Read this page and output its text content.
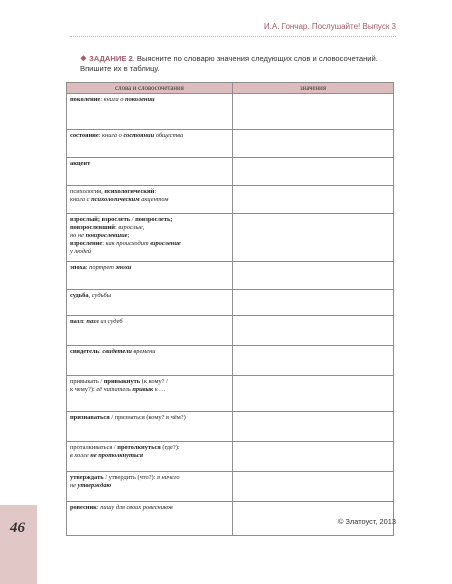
И.А. Гончар. Послушайте! Выпуск 3
❖ ЗАДАНИЕ 2. Выясните по словарю значения следующих слов и словосочетаний. Впишите их в таблицу.
слова и словосочетания	значения

поколение: книга о поколении	

состояние: книга о состоянии общества	

акцент	

психология, психологический:
книга с психологическим акцентом	

взрослый; взрослеть / повзрослеть;
повзрослевший: взрослые,
но не повзрослевшие;
взросление: как происходит взросление
у людей	

эпоха: портрет эпохи	

судьба, судьбы	

пазл: пазл из судеб	

свидетель: свидетели времени	

привыкать / привыкнуть (к кому? /
к чему?): её читатель привык к …	

признаваться / признаться (кому? в чём?)	

проталкиваться / протолкнуться (где?):
в холле не протолкнуться	

утверждать / утвердить (что?): я ничего
не утверждаю	

ровесник: пишу для своих ровесников	

46	© Златоуст, 2013
